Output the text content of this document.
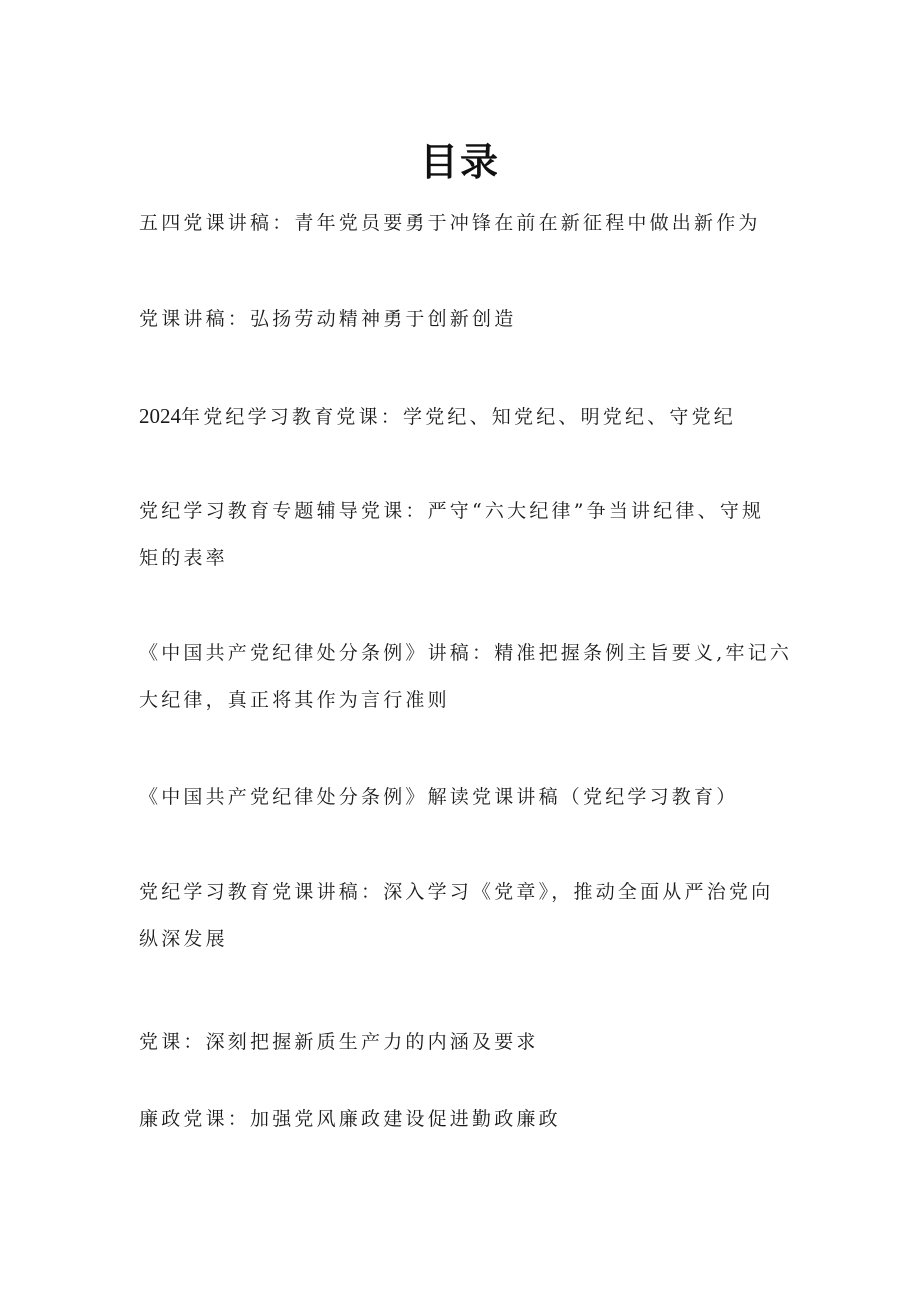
目录
五四党课讲稿：青年党员要勇于冲锋在前在新征程中做出新作为
党课讲稿：弘扬劳动精神勇于创新创造
2024年党纪学习教育党课：学党纪、知党纪、明党纪、守党纪
党纪学习教育专题辅导党课：严守“六大纪律”争当讲纪律、守规
矩的表率
《中国共产党纪律处分条例》讲稿：精准把握条例主旨要义,牢记六
大纪律，真正将其作为言行准则
《中国共产党纪律处分条例》解读党课讲稿（党纪学习教育）
党纪学习教育党课讲稿：深入学习《党章》，推动全面从严治党向
纵深发展
党课：深刻把握新质生产力的内涵及要求
廉政党课：加强党风廉政建设促进勤政廉政
